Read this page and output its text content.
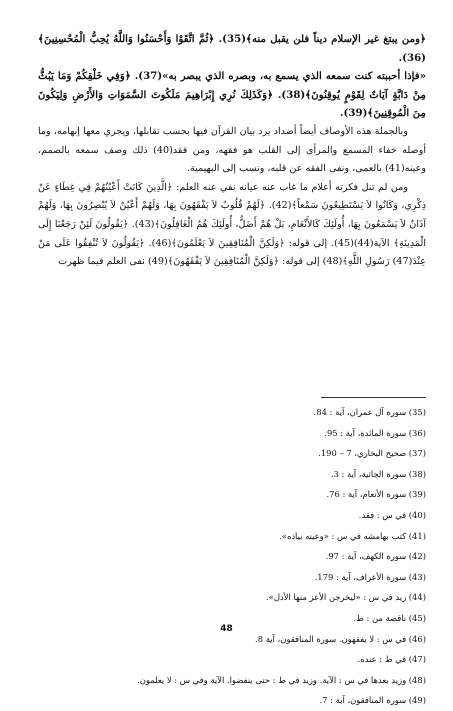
﴿ومن يبتغ غير الإسلام ديناً فلن يقبل منه﴾(35). ﴿ثُمَّ اتَّقَوْا وَأَحْسَنُوا وَاللَّهُ يُحِبُّ الْمُحْسِنِينَ﴾(36).

«فإذا أحببته كنت سمعه الذي يسمع به، وبصره الذي يبصر به»(37). ﴿وَفِي خَلْقِكُمْ وَمَا يَبُثُّ مِنْ دَابَّةٍ آيَاتٌ لِقَوْمٍ يُوقِنُونَ﴾(38). ﴿وَكَذَلِكَ نُرِي إِبْرَاهِيمَ مَلَكُوتَ السَّمَوَاتِ وَالأَرْضِ وَلِيَكُونَ مِنَ الْمُوقِنِينَ﴾(39).

وبالجملة هذه الأوصاف أيضاً أضداد يرد بيان القرآن فيها بحسب تقابلها، ويجري معها إبهامه، وما أوصله خفاء المسمع والمرأى إلى القلب هو فقهه، ومن فقد(40) ذلك وصف سمعه بالصمم، وعينه(41) بالعمى، ونفى الفقه عن قلبه، ونسب إلى البهيمية.

ومن لم تنل فكرته أعلام ما غاب عنه عيانه نفي عنه العلم: ﴿الَّذِينَ كَانَتْ أَعْيُنُهُمْ فِي غِطَاءٍ عَنْ ذِكْرِي، وَكَانُوا لاَ يَسْتَطِيعُونَ سَمْعاً﴾(42). ﴿لَهُمْ قُلُوبٌ لاَ يَفْقَهُونَ بِهَا، وَلَهُمْ أَعْيُنٌ لاَ يُبْصِرُونَ بِهَا، وَلَهُمْ آذَانٌ لاَ يَسْمَعُونَ بِهَا، أُولَئِكَ كَالأَنْعَامِ، بَلْ هُمْ أَضَلُّ، أُولَئِكَ هُمُ الْغَافِلُونَ﴾(43). ﴿يَقُولُونَ لَئِنْ رَجَعْنَا إِلَى الْمَدِينَةِ﴾ الآية(44)(45). إلى قوله: ﴿وَلَكِنَّ الْمُنَافِقِينَ لاَ يَعْلَمُونَ﴾(46). ﴿يَقُولُونَ لاَ تُنْفِقُوا عَلَى مَنْ عِنْدَ(47) رَسُولِ اللَّهِ﴾(48) إلى قوله: ﴿وَلَكِنَّ الْمُنَافِقِينَ لاَ يَفْقَهُونَ﴾(49) نفى العلم فيما ظهرت

(35) سورة آل عمران، آية : 84.
(36) سورة المائدة، آية : 95.
(37) صحيح البخاري، 7 – 190.
(38) سورة الجاثية، آية : 3.
(39) سورة الأنعام، آية : 76.
(40) في س : فقد.
(41) كتب بهامشه في س : «وعينه بياده».
(42) سورة الكهف، آية : 97.
(43) سورة الأعراف، آية : 179.
(44) زيد في س : «ليخرجن الأعز منها الأذل».
(45) ناقصة من : ط.
(46) في س : لا يفقهون. سورة المنافقون، آية 8.
(47) في ط : عنده.
(48) وزيد بعدها في س : الآية. وزيد في ط : حتى ينفضوا. الآية وفي س : لا يعلمون.
(49) سورة المنافقون، آية : 7.
48
